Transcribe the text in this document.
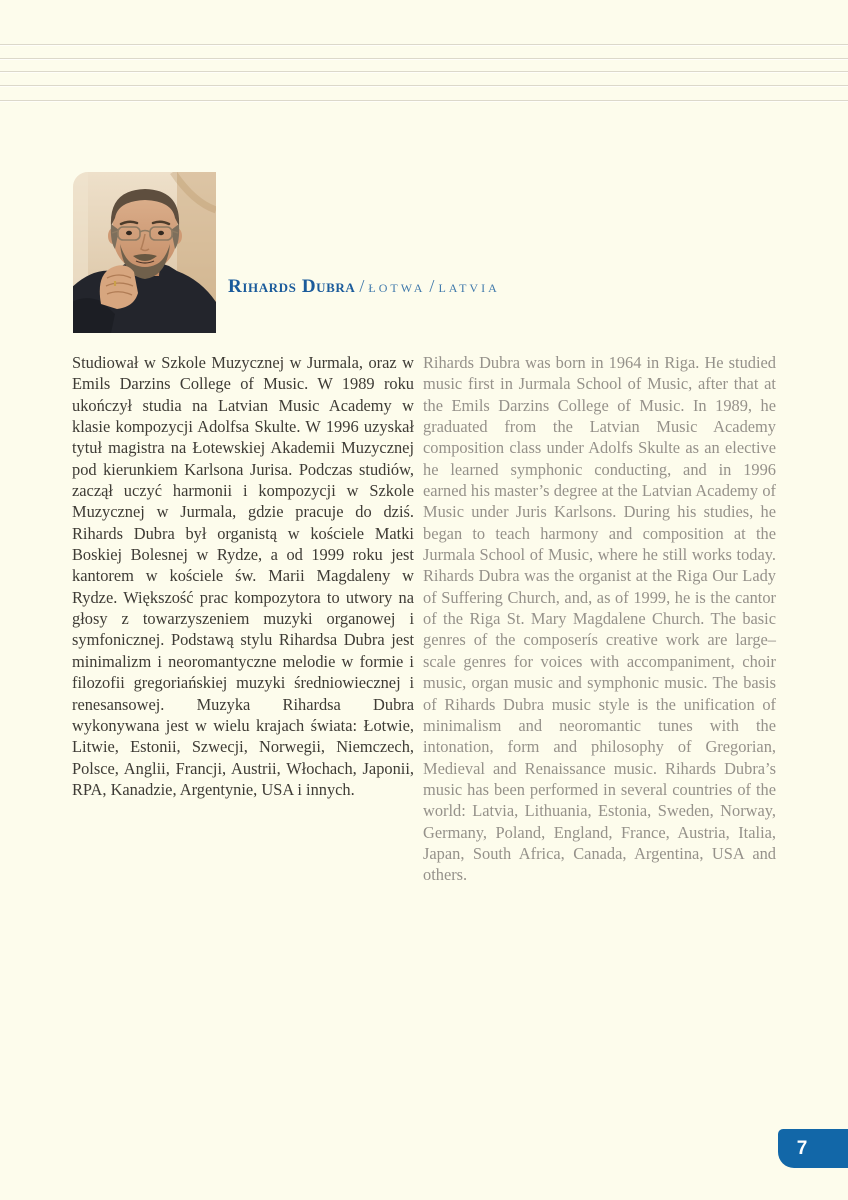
Rihards Dubra / łotwa / latvia
Studiował w Szkole Muzycznej w Jurmala, oraz w Emils Darzins College of Music. W 1989 roku ukończył studia na Latvian Music Academy w klasie kompozycji Adolfsa Skulte. W 1996 uzyskał tytuł magistra na Łotewskiej Akademii Muzycznej pod kierunkiem Karlsona Jurisa. Podczas studiów, zaczął uczyć harmonii i kompozycji w Szkole Muzycznej w Jurmala, gdzie pracuje do dziś. Rihards Dubra był organistą w kościele Matki Boskiej Bolesnej w Rydze, a od 1999 roku jest kantorem w kościele św. Marii Magdaleny w Rydze. Większość prac kompozytora to utwory na głosy z towarzyszeniem muzyki organowej i symfonicznej. Podstawą stylu Rihardsa Dubra jest minimalizm i neoromantyczne melodie w formie i filozofii gregoriańskiej muzyki średniowiecznej i renesansowej. Muzyka Rihardsa Dubra wykonywana jest w wielu krajach świata: Łotwie, Litwie, Estonii, Szwecji, Norwegii, Niemczech, Polsce, Anglii, Francji, Austrii, Włochach, Japonii, RPA, Kanadzie, Argentynie, USA i innych.
Rihards Dubra was born in 1964 in Riga. He studied music first in Jurmala School of Music, after that at the Emils Darzins College of Music. In 1989, he graduated from the Latvian Music Academy composition class under Adolfs Skulte as an elective he learned symphonic conducting, and in 1996 earned his master’s degree at the Latvian Academy of Music under Juris Karlsons. During his studies, he began to teach harmony and composition at the Jurmala School of Music, where he still works today. Rihards Dubra was the organist at the Riga Our Lady of Suffering Church, and, as of 1999, he is the cantor of the Riga St. Mary Magdalene Church. The basic genres of the composerís creative work are large–scale genres for voices with accompaniment, choir music, organ music and symphonic music. The basis of Rihards Dubra music style is the unification of minimalism and neoromantic tunes with the intonation, form and philosophy of Gregorian, Medieval and Renaissance music. Rihards Dubra’s music has been performed in several countries of the world: Latvia, Lithuania, Estonia, Sweden, Norway, Germany, Poland, England, France, Austria, Italia, Japan, South Africa, Canada, Argentina, USA and others.
7
